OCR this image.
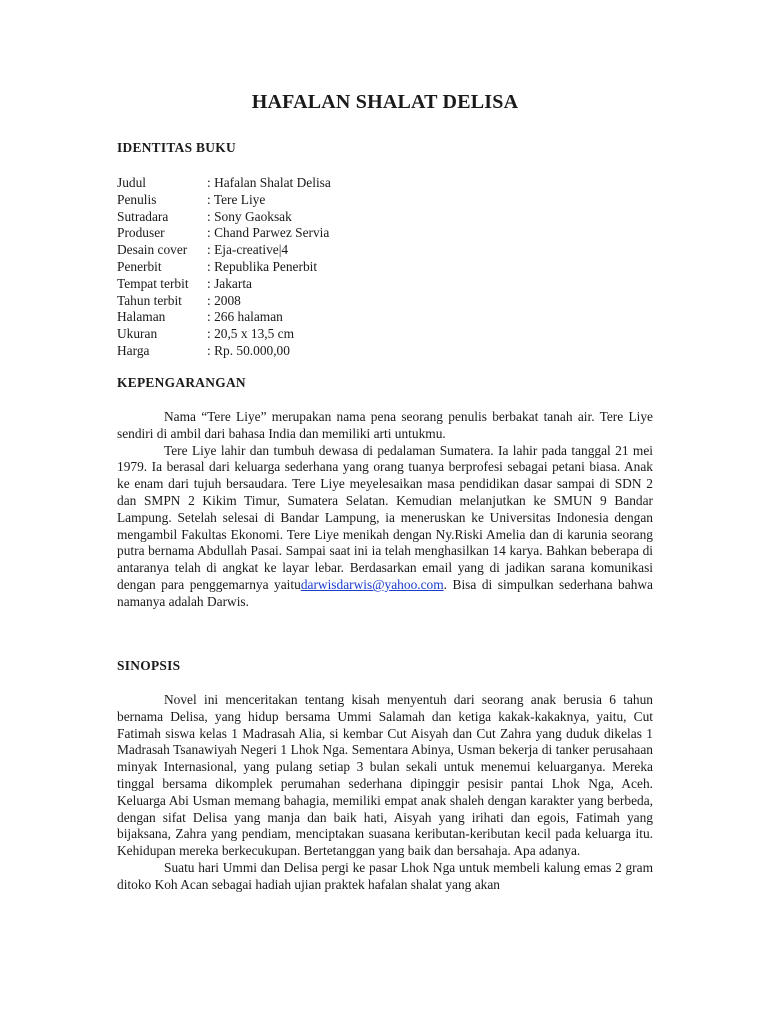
HAFALAN SHALAT DELISA
IDENTITAS BUKU
Judul	: Hafalan Shalat Delisa
Penulis	: Tere Liye
Sutradara	: Sony Gaoksak
Produser	: Chand Parwez Servia
Desain cover	: Eja-creative|4
Penerbit	: Republika Penerbit
Tempat terbit	: Jakarta
Tahun terbit	: 2008
Halaman	: 266 halaman
Ukuran	: 20,5 x 13,5 cm
Harga	: Rp. 50.000,00
KEPENGARANGAN

Nama “Tere Liye” merupakan nama pena seorang penulis berbakat tanah air. Tere Liye sendiri di ambil dari bahasa India dan memiliki arti untukmu.

Tere Liye lahir dan tumbuh dewasa di pedalaman Sumatera. Ia lahir pada tanggal 21 mei 1979. Ia berasal dari keluarga sederhana yang orang tuanya berprofesi sebagai petani biasa. Anak ke enam dari tujuh bersaudara. Tere Liye meyelesaikan masa pendidikan dasar sampai di SDN 2 dan SMPN 2 Kikim Timur, Sumatera Selatan. Kemudian melanjutkan ke SMUN 9 Bandar Lampung. Setelah selesai di Bandar Lampung, ia meneruskan ke Universitas Indonesia dengan mengambil Fakultas Ekonomi. Tere Liye menikah dengan Ny.Riski Amelia dan di karunia seorang putra bernama Abdullah Pasai. Sampai saat ini ia telah menghasilkan 14 karya. Bahkan beberapa di antaranya telah di angkat ke layar lebar. Berdasarkan email yang di jadikan sarana komunikasi dengan para penggemarnya yaitudarwisdarwis@yahoo.com. Bisa di simpulkan sederhana bahwa namanya adalah Darwis.

SINOPSIS

Novel ini menceritakan tentang kisah menyentuh dari seorang anak berusia 6 tahun bernama Delisa, yang hidup bersama Ummi Salamah dan ketiga kakak-kakaknya, yaitu, Cut Fatimah siswa kelas 1 Madrasah Alia, si kembar Cut Aisyah dan Cut Zahra yang duduk dikelas 1 Madrasah Tsanawiyah Negeri 1 Lhok Nga. Sementara Abinya, Usman bekerja di tanker perusahaan minyak Internasional, yang pulang setiap 3 bulan sekali untuk menemui keluarganya. Mereka tinggal bersama dikomplek perumahan sederhana dipinggir pesisir pantai Lhok Nga, Aceh. Keluarga Abi Usman memang bahagia, memiliki empat anak shaleh dengan karakter yang berbeda, dengan sifat Delisa yang manja dan baik hati, Aisyah yang irihati dan egois, Fatimah yang bijaksana, Zahra yang pendiam, menciptakan suasana keributan-keributan kecil pada keluarga itu. Kehidupan mereka berkecukupan. Bertetanggan yang baik dan bersahaja. Apa adanya.

Suatu hari Ummi dan Delisa pergi ke pasar Lhok Nga untuk membeli kalung emas 2 gram ditoko Koh Acan sebagai hadiah ujian praktek hafalan shalat yang akan
